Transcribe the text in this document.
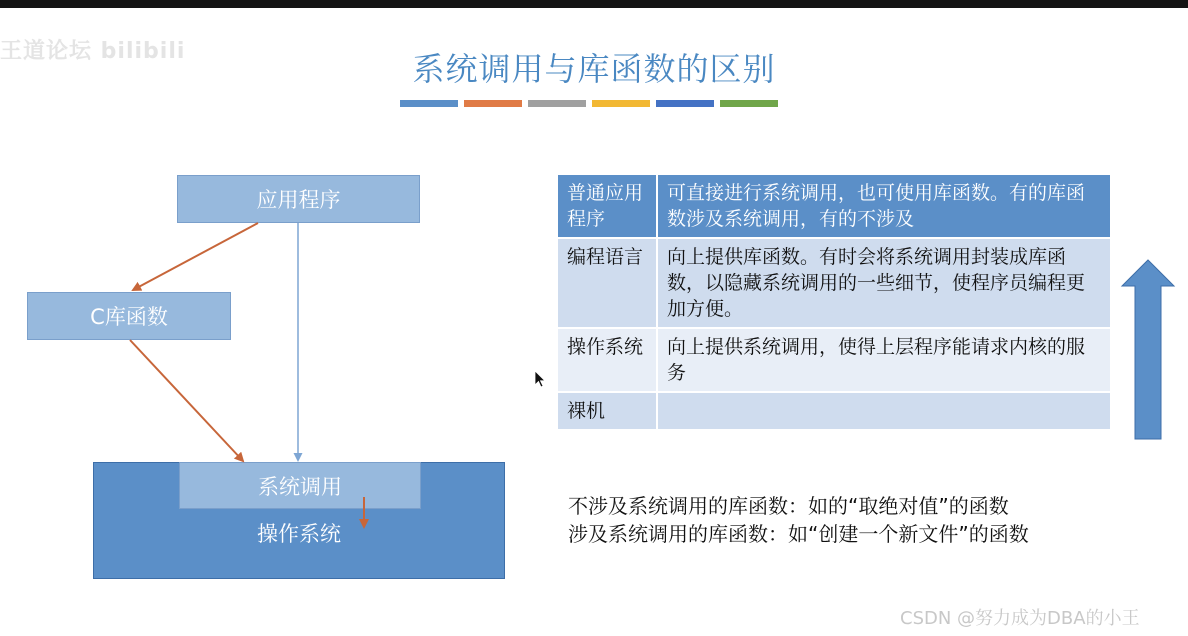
王道论坛 bilibili	系统调用与库函数的区别
应用程序
C库函数
操作系统
系统调用
普通应用程序	可直接进行系统调用，也可使用库函数。有的库函数涉及系统调用，有的不涉及
编程语言	向上提供库函数。有时会将系统调用封装成库函数，以隐藏系统调用的一些细节，使程序员编程更加方便。
操作系统	向上提供系统调用，使得上层程序能请求内核的服务
裸机	
不涉及系统调用的库函数：如的“取绝对值”的函数
涉及系统调用的库函数：如“创建一个新文件”的函数
CSDN @努力成为DBA的小王
